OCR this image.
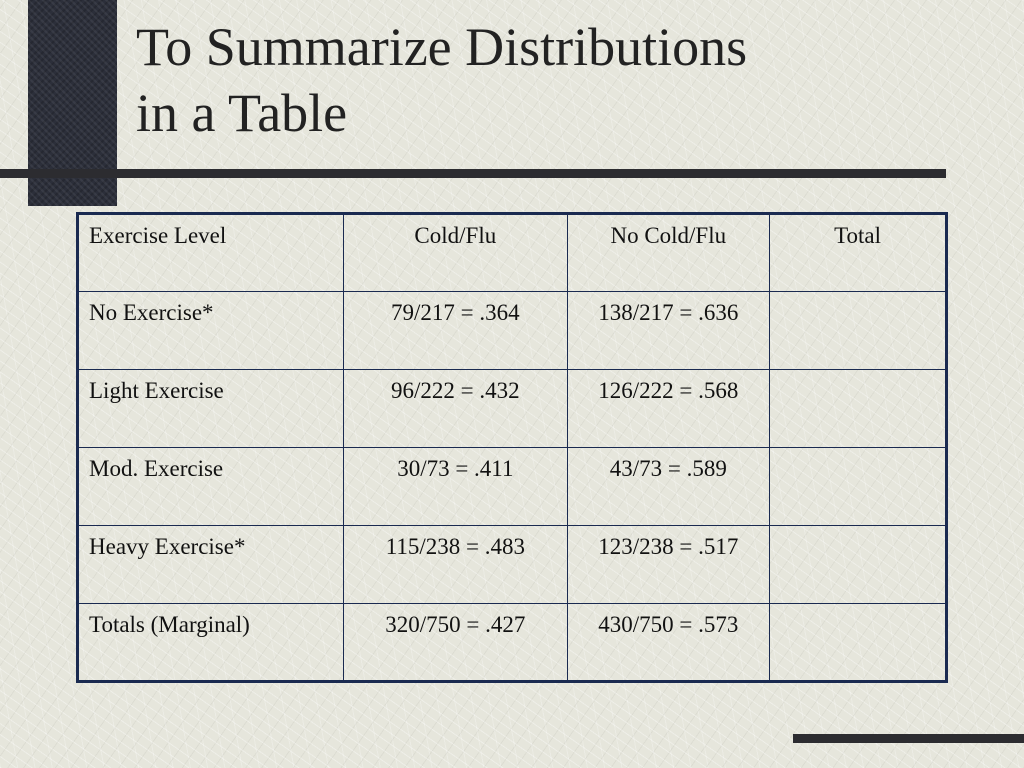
To Summarize Distributions
in a Table
Exercise Level	Cold/Flu	No Cold/Flu	Total
No Exercise*	79/217 = .364	138/217 = .636	
Light Exercise	96/222 = .432	126/222 = .568	
Mod. Exercise	30/73 = .411	43/73 = .589	
Heavy Exercise*	115/238 = .483	123/238 = .517	
Totals (Marginal)	320/750 = .427	430/750 = .573	
